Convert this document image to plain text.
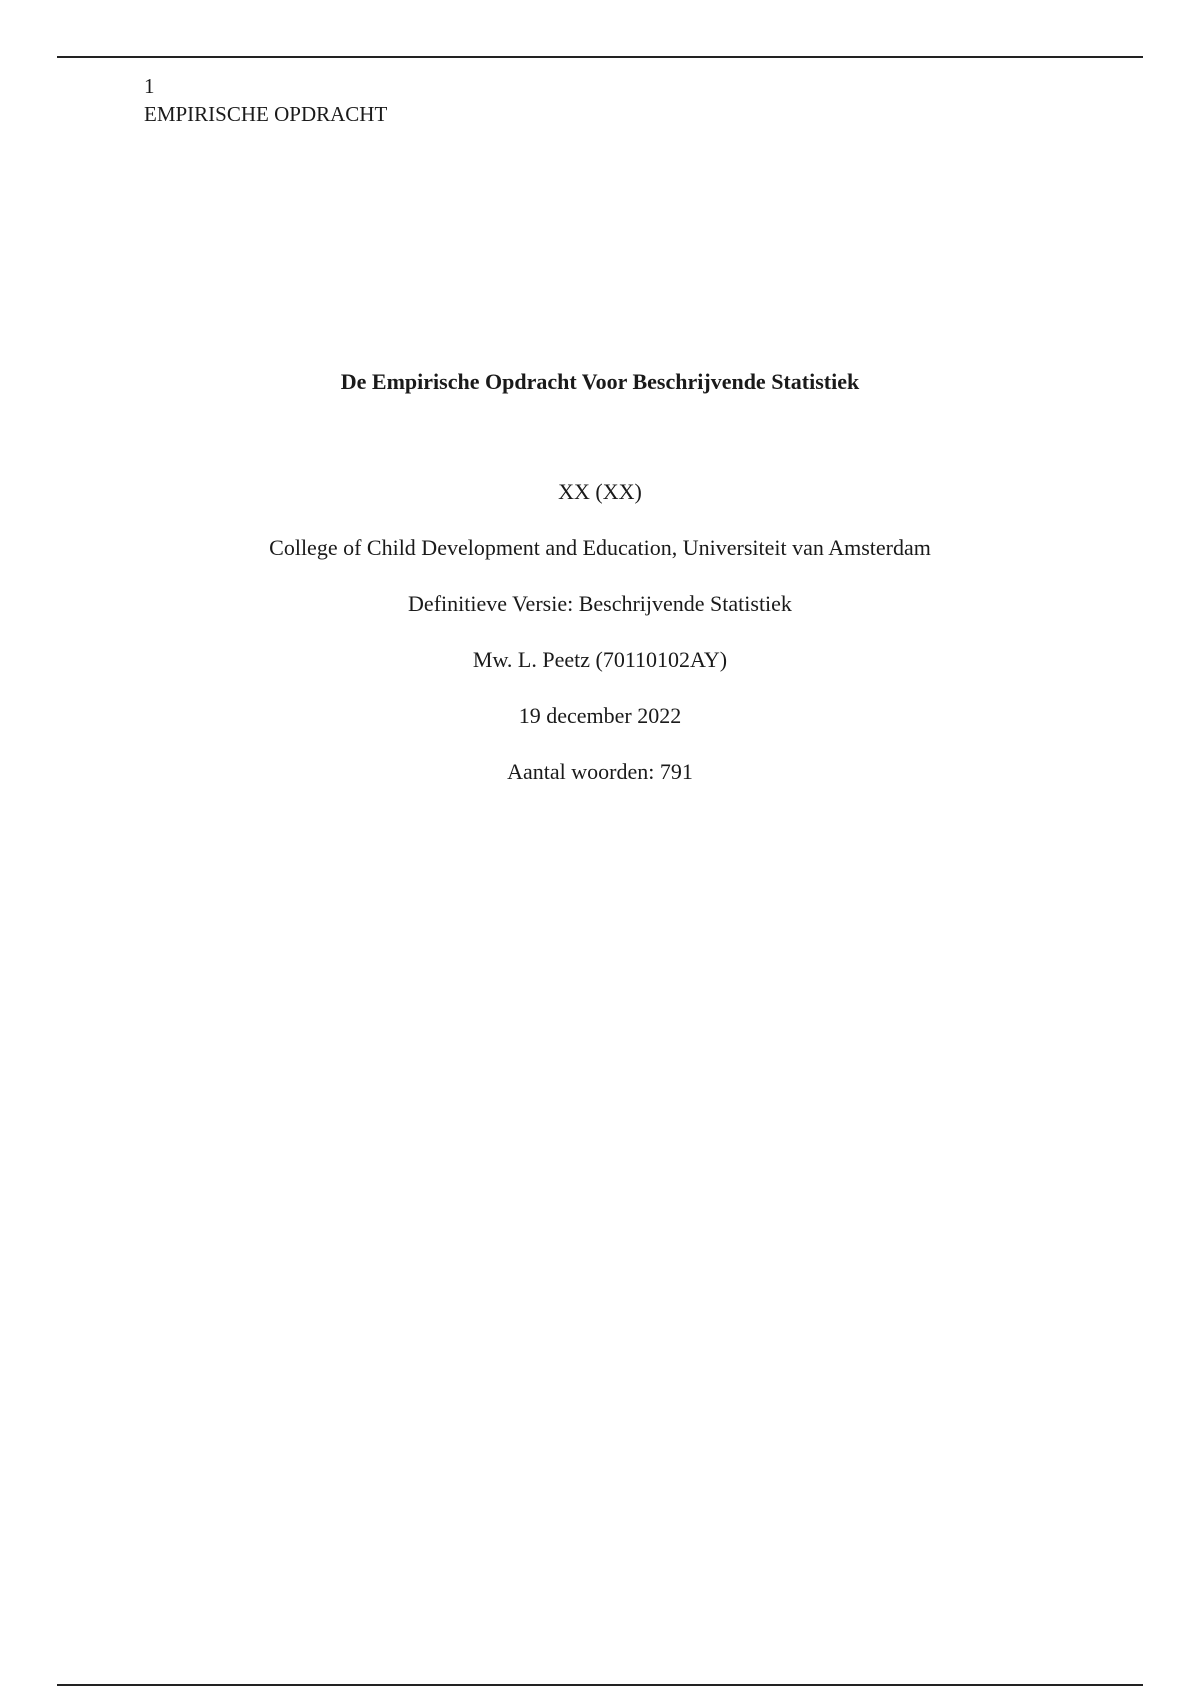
1
EMPIRISCHE OPDRACHT
De Empirische Opdracht Voor Beschrijvende Statistiek
XX (XX)
College of Child Development and Education, Universiteit van Amsterdam
Definitieve Versie: Beschrijvende Statistiek
Mw. L. Peetz (70110102AY)
19 december 2022
Aantal woorden: 791
